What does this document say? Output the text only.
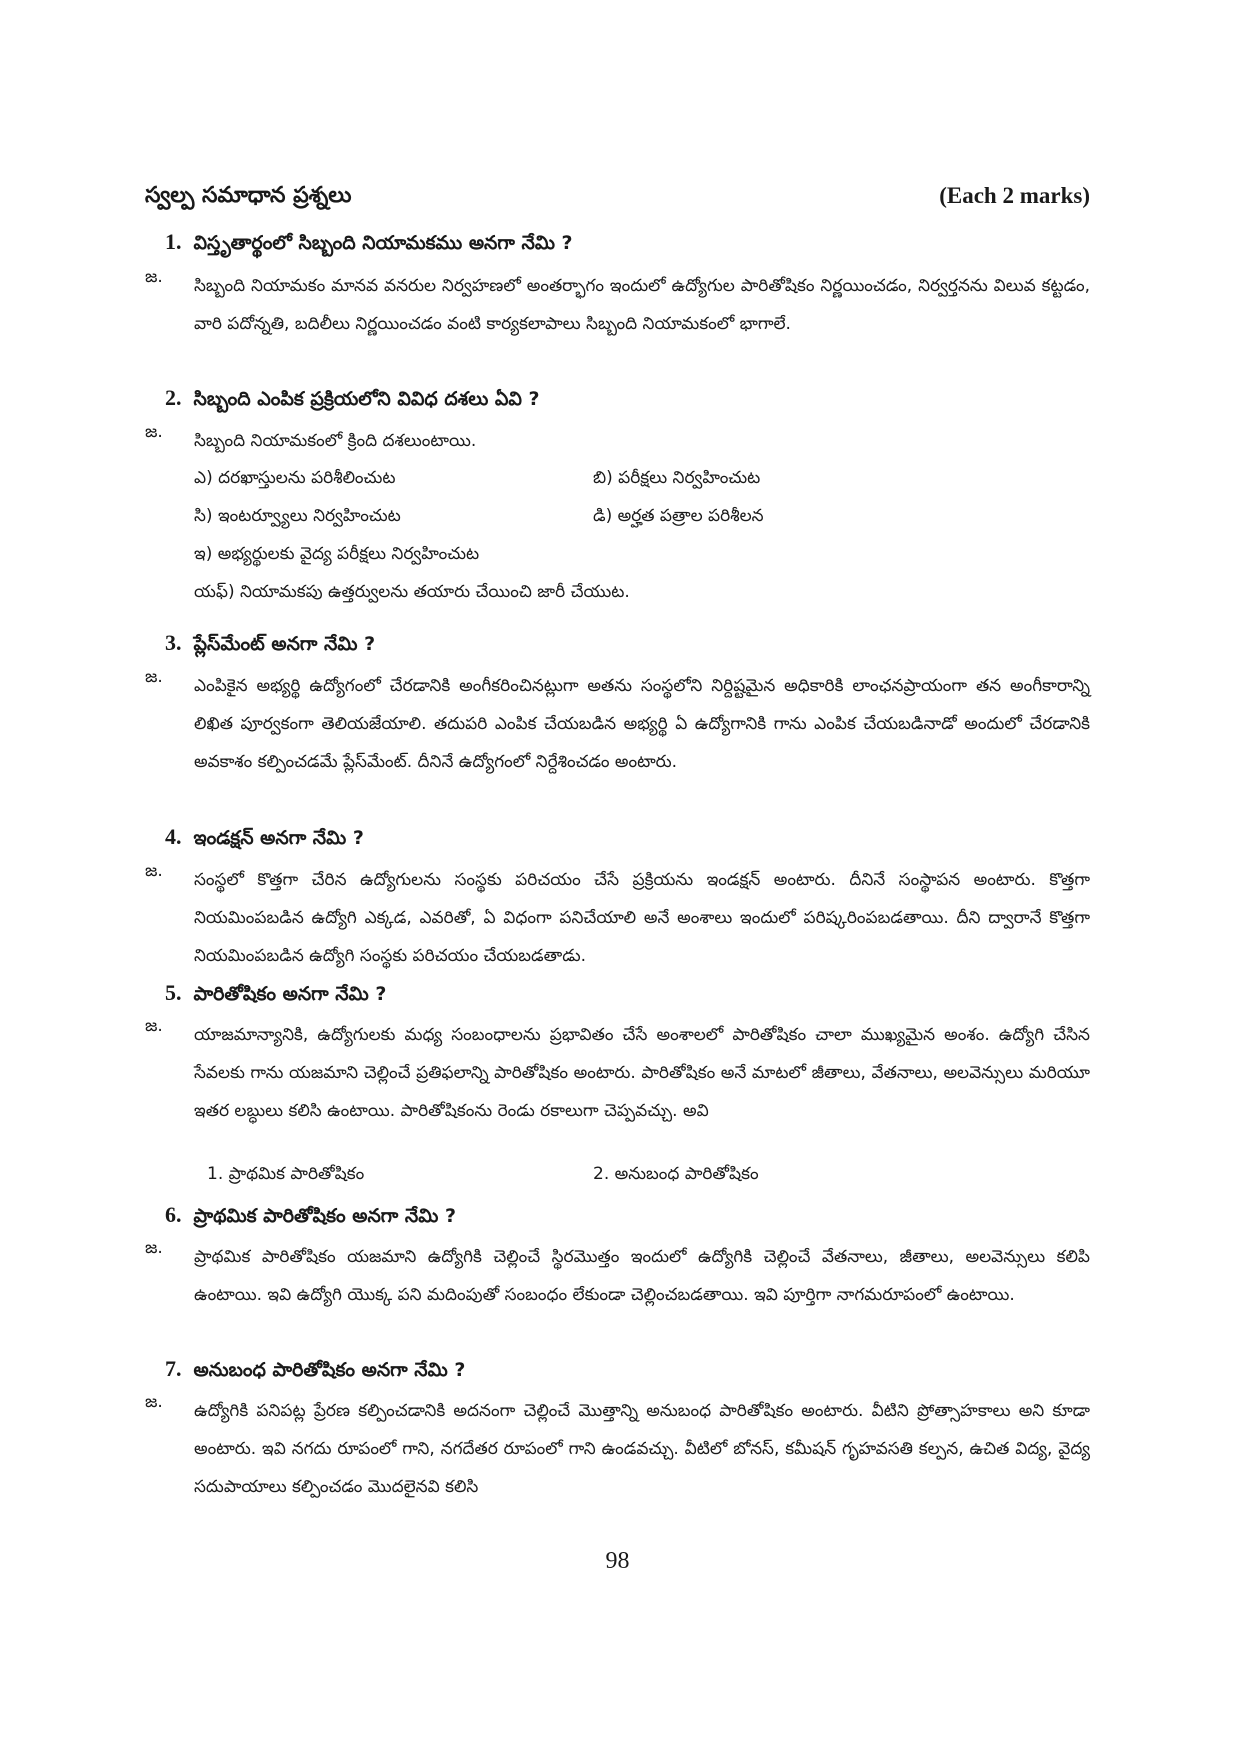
స్వల్ప సమాధాన ప్రశ్నలు	(Each 2 marks)
1. విస్తృతార్థంలో సిబ్బంది నియామకము అనగా నేమి ?
జ.	సిబ్బంది నియామకం మానవ వనరుల నిర్వహణలో అంతర్భాగం ఇందులో ఉద్యోగుల పారితోషికం నిర్ణయించడం, నిర్వర్తనను విలువ కట్టడం, వారి పదోన్నతి, బదిలీలు నిర్ణయించడం వంటి కార్యకలాపాలు సిబ్బంది నియామకంలో భాగాలే.
2. సిబ్బంది ఎంపిక ప్రక్రియలోని వివిధ దశలు ఏవి ?
జ.	సిబ్బంది నియామకంలో క్రింది దశలుంటాయి.
ఎ) దరఖాస్తులను పరిశీలించుట	బి) పరీక్షలు నిర్వహించుట
సి) ఇంటర్వ్యూలు నిర్వహించుట	డి) అర్హత పత్రాల పరిశీలన
ఇ) అభ్యర్థులకు వైద్య పరీక్షలు నిర్వహించుట
యఫ్) నియామకపు ఉత్తర్వులను తయారు చేయించి జారీ చేయుట.
3. ప్లేస్‌మేంట్ అనగా నేమి ?
జ.	ఎంపికైన అభ్యర్థి ఉద్యోగంలో చేరడానికి అంగీకరించినట్లుగా అతను సంస్థలోని నిర్దిష్టమైన అధికారికి లాంఛనప్రాయంగా తన అంగీకారాన్ని లిఖిత పూర్వకంగా తెలియజేయాలి. తదుపరి ఎంపిక చేయబడిన అభ్యర్థి ఏ ఉద్యోగానికి గాను ఎంపిక చేయబడినాడో అందులో చేరడానికి అవకాశం కల్పించడమే ప్లేస్‌మేంట్. దీనినే ఉద్యోగంలో నిర్దేశించడం అంటారు.
4. ఇండక్షన్ అనగా నేమి ?
జ.	సంస్థలో కొత్తగా చేరిన ఉద్యోగులను సంస్థకు పరిచయం చేసే ప్రక్రియను ఇండక్షన్ అంటారు. దీనినే సంస్థాపన అంటారు. కొత్తగా నియమింపబడిన ఉద్యోగి ఎక్కడ, ఎవరితో, ఏ విధంగా పనిచేయాలి అనే అంశాలు ఇందులో పరిష్కరింపబడతాయి. దీని ద్వారానే కొత్తగా నియమింపబడిన ఉద్యోగి సంస్థకు పరిచయం చేయబడతాడు.
5. పారితోషికం అనగా నేమి ?
జ.	యాజమాన్యానికి, ఉద్యోగులకు మధ్య సంబంధాలను ప్రభావితం చేసే అంశాలలో పారితోషికం చాలా ముఖ్యమైన అంశం. ఉద్యోగి చేసిన సేవలకు గాను యజమాని చెల్లించే ప్రతిఫలాన్ని పారితోషికం అంటారు. పారితోషికం అనే మాటలో జీతాలు, వేతనాలు, అలవెన్సులు మరియూ ఇతర లబ్ధులు కలిసి ఉంటాయి. పారితోషికంను రెండు రకాలుగా చెప్పవచ్చు. అవి
1. ప్రాథమిక పారితోషికం	2. అనుబంధ పారితోషికం
6. ప్రాథమిక పారితోషికం అనగా నేమి ?
జ.	ప్రాథమిక పారితోషికం యజమాని ఉద్యోగికి చెల్లించే స్థిరమొత్తం ఇందులో ఉద్యోగికి చెల్లించే వేతనాలు, జీతాలు, అలవెన్సులు కలిపి ఉంటాయి. ఇవి ఉద్యోగి యొక్క పని మదింపుతో సంబంధం లేకుండా చెల్లించబడతాయి. ఇవి పూర్తిగా నాగమరూపంలో ఉంటాయి.
7. అనుబంధ పారితోషికం అనగా నేమి ?
జ.	ఉద్యోగికి పనిపట్ల ప్రేరణ కల్పించడానికి అదనంగా చెల్లించే మొత్తాన్ని అనుబంధ పారితోషికం అంటారు. వీటిని ప్రోత్సాహకాలు అని కూడా అంటారు. ఇవి నగదు రూపంలో గాని, నగదేతర రూపంలో గాని ఉండవచ్చు. వీటిలో బోనస్, కమీషన్ గృహవసతి కల్పన, ఉచిత విద్య, వైద్య సదుపాయాలు కల్పించడం మొదలైనవి కలిసి
98
